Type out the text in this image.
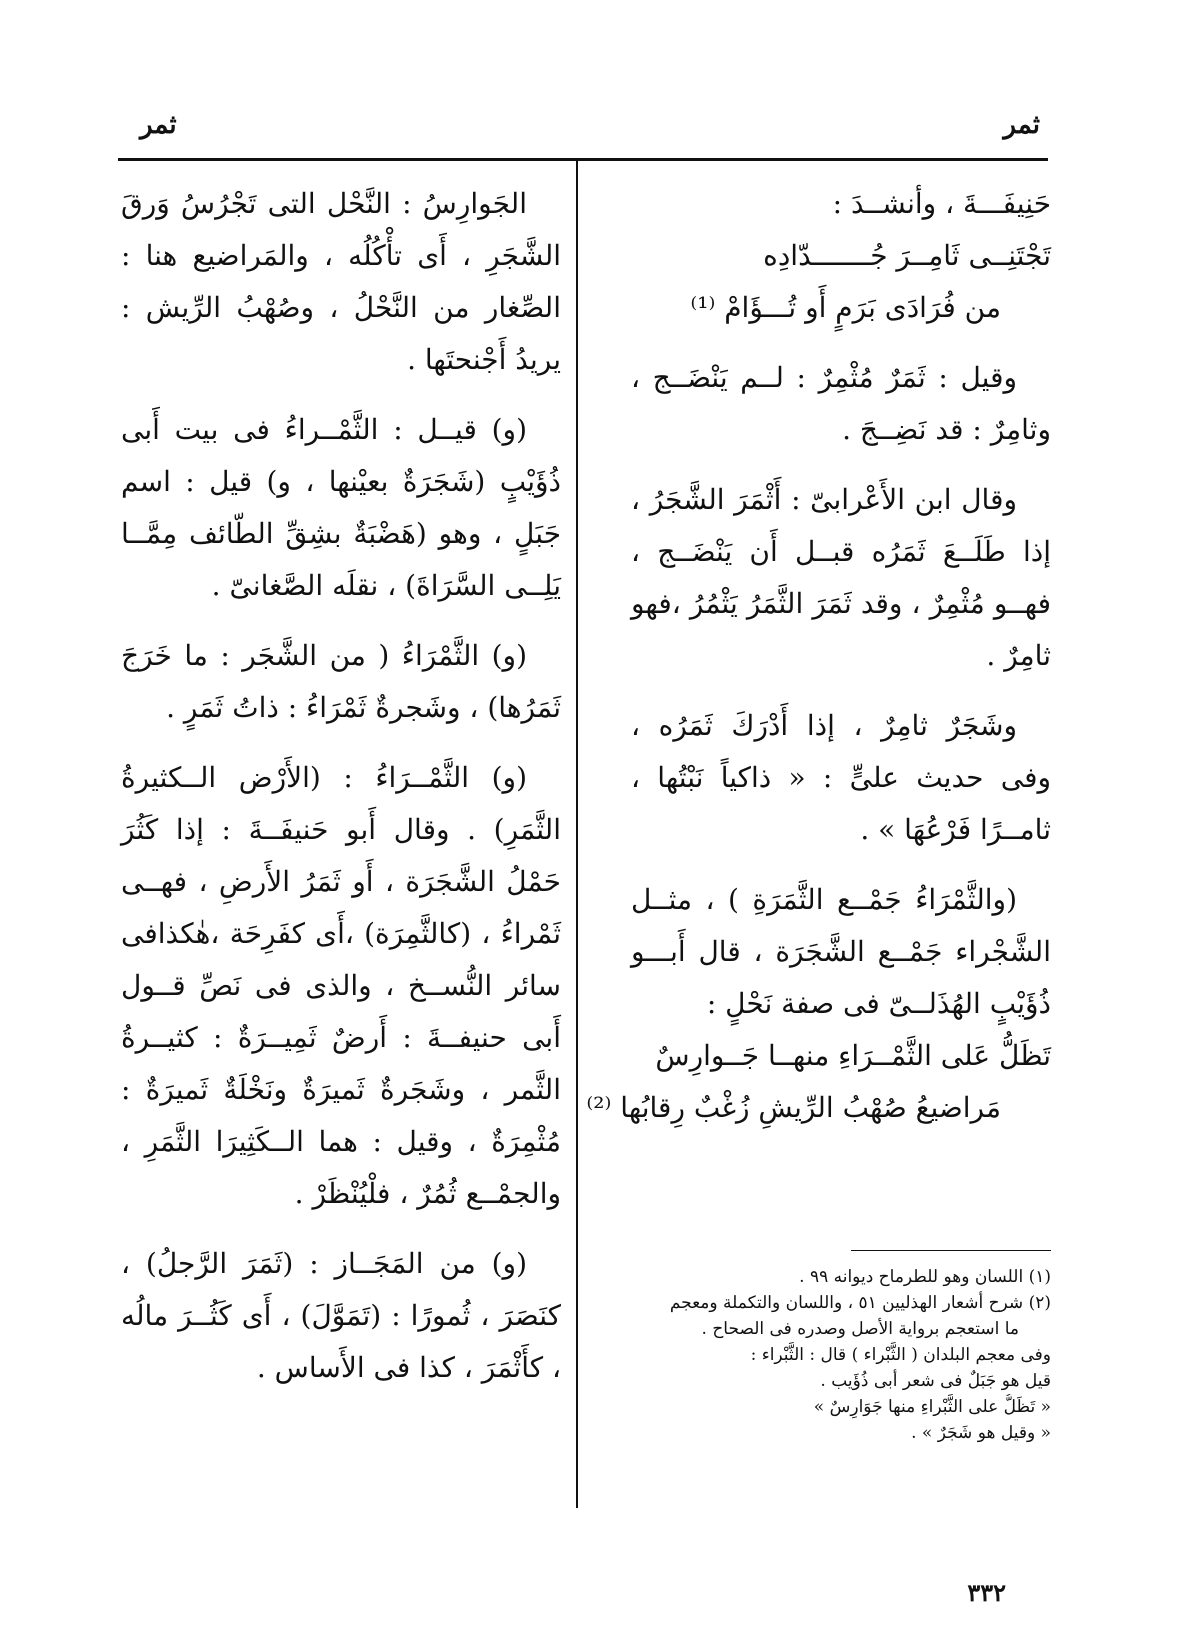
ثمر
ثمر

حَنِيفَـــةَ ، وأنشــدَ :

تَجْتَنِــى ثَامِــرَ جُـــــــدّادِه

من فُرَادَى بَرَمٍ أَو تُـــؤَامْ ⁽¹⁾

وقيل : ثَمَرٌ مُثْمِرٌ : لــم يَنْضَــج ، وثامِرٌ : قد نَضِــجَ .

وقال ابن الأَعْرابىّ : أَثْمَرَ الشَّجَرُ ، إذا طَلَــعَ ثَمَرُه قبــل أَن يَنْضَــج ، فهــو مُثْمِرٌ ، وقد ثَمَرَ الثَّمَرُ يَثْمُرُ ،فهو ثامِرٌ .

وشَجَرٌ ثامِرٌ ، إذا أَدْرَكَ ثَمَرُه ، وفى حديث علىٍّ : « ذاكياً نَبْتُها ، ثامــرًا فَرْعُهَا » .

(والثَّمْرَاءُ جَمْــع الثَّمَرَةِ ) ، مثــل الشَّجْراء جَمْــع الشَّجَرَة ، قال أَبـــو ذُؤَيْبٍ الهُذَلــىّ فى صفة نَحْلٍ :

تَظَلُّ عَلى الثَّمْــرَاءِ منهــا جَــوارِسٌ

مَراضيعُ صُهْبُ الرِّيشِ زُغْبٌ رِقابُها ⁽²⁾

(١) اللسان وهو للطرماح ديوانه ٩٩ .

(٢) شرح أشعار الهذليين ٥١ ، واللسان والتكملة ومعجم

ما استعجم برواية الأصل وصدره فى الصحاح .

وفى معجم البلدان ( الثَّبْراء ) قال : الثَّبْراء :

قيل هو جَبَلٌ فى شعر أبى ذُؤَيب .

« تَظَلُّ على الثَّبْراءِ منها جَوَارِسٌ »

« وقيل هو شَجَرٌ » .

الجَوارِسُ : النَّحْل التى تَجْرُسُ وَرقَ الشَّجَرِ ، أَى تأْكُلُه ، والمَراضيع هنا : الصِّغار من النَّحْلُ ، وصُهْبُ الرِّيش : يريدُ أَجْنحتَها .

(و) قيــل : الثَّمْــراءُ فى بيت أَبى ذُؤَيْبٍ (شَجَرَةٌ بعيْنها ، و) قيل : اسم جَبَلٍ ، وهو (هَضْبَةٌ بشِقِّ الطّائف مِمَّــا يَلِــى السَّرَاةَ) ، نقلَه الصَّغانىّ .

(و) الثَّمْرَاءُ ( من الشَّجَر : ما خَرَجَ ثَمَرُها) ، وشَجرةٌ ثَمْرَاءُ : ذاتُ ثَمَرٍ .

(و) الثَّمْــرَاءُ : (الأَرْض الــكثيرةُ الثَّمَرِ) . وقال أَبو حَنيفَــةَ : إذا كَثُرَ حَمْلُ الشَّجَرَة ، أَو ثَمَرُ الأَرضِ ، فهــى ثَمْراءُ ، (كالثَّمِرَة) ،أَى كفَرِحَة ،هٰكذافى سائر النُّســخ ، والذى فى نَصِّ قــول أَبى حنيفــةَ : أَرضٌ ثَمِيــرَةٌ : كثيــرةُ الثَّمر ، وشَجَرةٌ ثَميرَةٌ ونَخْلَةٌ ثَميرَةٌ : مُثْمِرَةٌ ، وقيل : هما الــكَثِيرَا الثَّمَرِ ، والجمْــع ثُمُرٌ ، فلْيُنْظَرْ .

(و) من المَجَــاز : (ثَمَرَ الرَّجلُ) ، كنَصَرَ ، ثُمورًا : (تَمَوَّلَ) ، أَى كَثُــرَ مالُه ، كأَثْمَرَ ، كذا فى الأَساس .

٣٣٢
